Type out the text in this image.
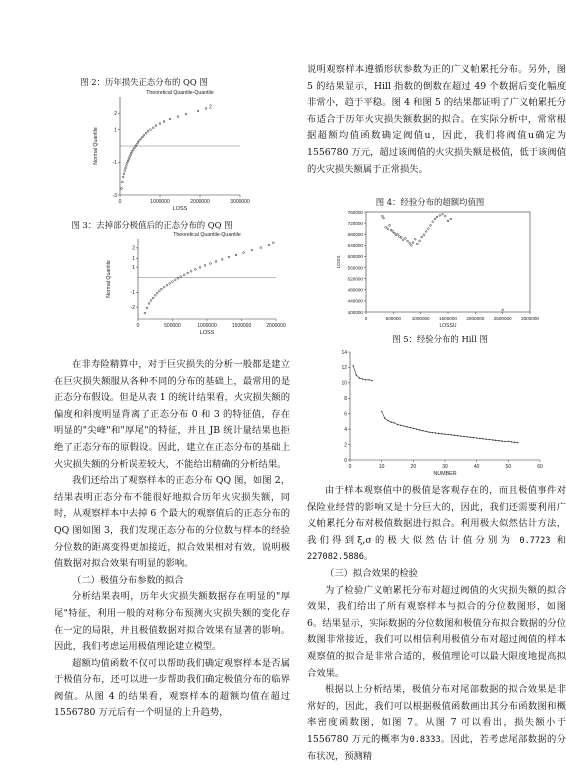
图 2：历年损失正态分布的 QQ 图
Theoretical Quantile-Quantile
0	1000000	2000000	3000000
-3
-1
1
2
LOSS
Normal Quantile
2
图 3：去掉部分极值后的正态分布的 QQ 图
Theoretical Quantile-Quantile
0	500000	1000000	1500000	2000000
-2
-1
1
1
2
LOSS
Normal Quantile

在非寿险精算中，对于巨灾损失的分析一般都是建立在巨灾损失额服从各种不同的分布的基础上，最常用的是正态分布假设。但是从表 1 的统计结果看，火灾损失额的偏度和斜度明显背离了正态分布 0 和 3 的特征值，存在明显的"尖峰"和"厚尾"的特征，并且 JB 统计量结果也拒绝了正态分布的原假设。因此，建立在正态分布的基础上火灾损失额的分析误差较大，不能给出精确的分析结果。

我们还给出了观察样本的正态分布 QQ 图，如图 2，结果表明正态分布不能很好地拟合历年火灾损失额，同时，从观察样本中去掉 6 个最大的观察值后的正态分布的 QQ 图如图 3，我们发现正态分布的分位数与样本的经验分位数的距离变得更加接近，拟合效果相对有效，说明极值数据对拟合效果有明显的影响。

（二）极值分布参数的拟合

分析结果表明，历年火灾损失额数据存在明显的"厚尾"特征，利用一般的对称分布预测火灾损失额的变化存在一定的局限，并且极值数据对拟合效果有显著的影响。因此，我们考虑运用极值理论建立模型。

超额均值函数不仅可以帮助我们确定观察样本是否属于极值分布，还可以进一步帮助我们确定极值分布的临界阀值。从图 4 的结果看，观察样本的超额均值在超过 1556780 万元后有一个明显的上升趋势，

说明观察样本遵循形状参数为正的广义帕累托分布。另外，图 5 的结果显示，Hill 指数的倒数在超过 49 个数据后变化幅度非常小，趋于平稳。图 4 和图 5 的结果都证明了广义帕累托分布适合于历年火灾损失额数据的拟合。在实际分析中，常常根据超额均值函数确定阀值u，因此，我们将阀值u确定为 1556780 万元，超过该阀值的火灾损失额是极值，低于该阀值的火灾损失额属于正常损失。

图 4：经验分布的超额均值图
0	500000 1000000 1500000 2000000 2500000 3000000
400000
440000
480000
520000
560000
600000
640000
680000
720000
760000
LOSSU
LOSS
图 5：经验分布的 Hill 图
0	10	20	30	40	50	60
0
2
4
6
8
10
12
14
NUMBER

由于样本观察值中的极值是客观存在的，而且极值事件对保险业经营的影响又是十分巨大的，因此，我们还需要利用广义帕累托分布对极值数据进行拟合。利用极大似然估计方法，我们得到ξ,σ的极大似然估计值分别为 0.7723 和 227082.5886。

（三）拟合效果的检验

为了检验广义帕累托分布对超过阀值的火灾损失额的拟合效果，我们给出了所有观察样本与拟合的分位数图形，如图 6。结果显示，实际数据的分位数图和极值分布拟合数据的分位数图非常接近，我们可以相信利用极值分布对超过阀值的样本观察值的拟合是非常合适的，极值理论可以最大限度地提高拟合效果。

根据以上分析结果，极值分布对尾部数据的拟合效果是非常好的，因此，我们可以根据极值函数画出其分布函数图和概率密度函数图，如图 7。从图 7 可以看出，损失额小于 1556780 万元的概率为0.8333。因此，若考虑尾部数据的分布状况，预测精
